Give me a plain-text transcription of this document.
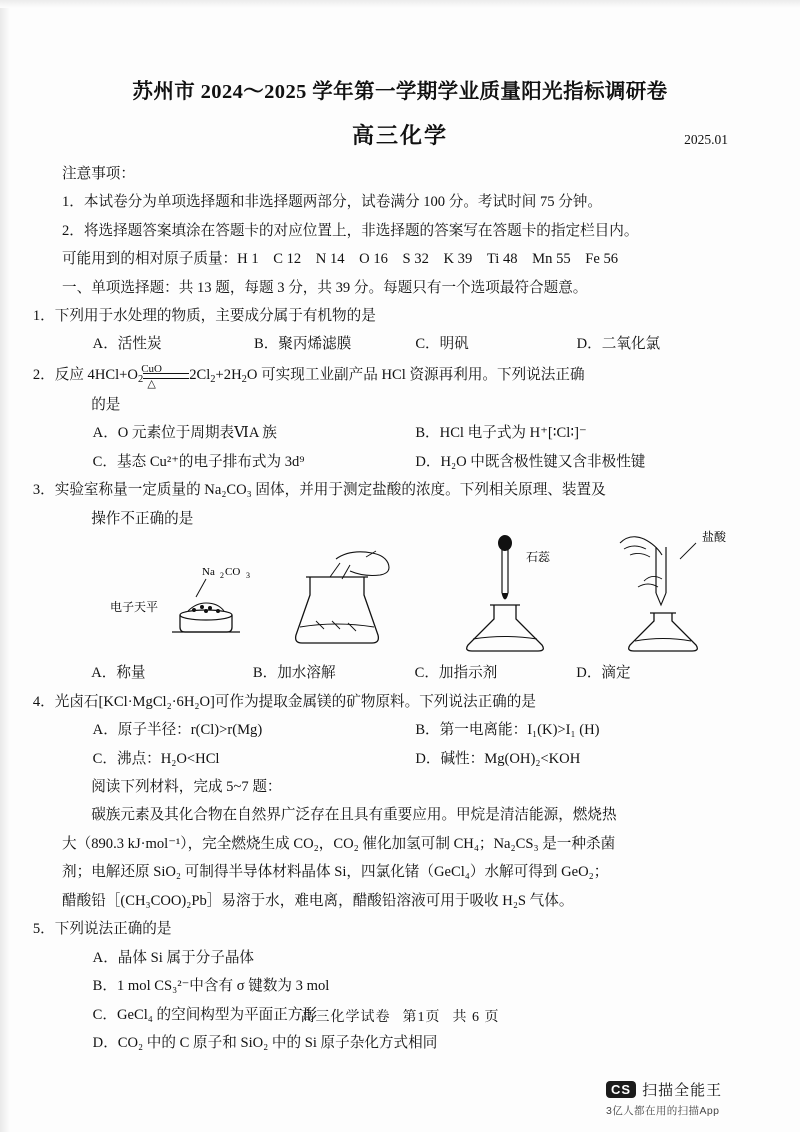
苏州市 2024～2025 学年第一学期学业质量阳光指标调研卷
高三化学	2025.01

注意事项：

1．本试卷分为单项选择题和非选择题两部分，试卷满分 100 分。考试时间 75 分钟。

2．将选择题答案填涂在答题卡的对应位置上，非选择题的答案写在答题卡的指定栏目内。

可能用到的相对原子质量：H 1　C 12　N 14　O 16　S 32　K 39　Ti 48　Mn 55　Fe 56

一、单项选择题：共 13 题，每题 3 分，共 39 分。每题只有一个选项最符合题意。

1．下列用于水处理的物质，主要成分属于有机物的是

A．活性炭	B．聚丙烯滤膜	C．明矾	D．二氧化氯

2．反应 $4HCl+O_2$
CuO
△
$2Cl_2+2H_2O$ 可实现工业副产品 HCl 资源再利用。下列说法正确

的是

A．O 元素位于周期表ⅥA 族	B．HCl 电子式为 H⁺[∶Cl∶]⁻
C．基态 Cu²⁺的电子排布式为 3d⁹	D．H₂O 中既含极性键又含非极性键

3．实验室称量一定质量的 Na₂CO₃ 固体，并用于测定盐酸的浓度。下列相关原理、装置及

操作不正确的是

电子天平
Na 2 CO 3
石蕊
盐酸
A．称量	B．加水溶解	C．加指示剂	D．滴定

4．光卤石[KCl·MgCl₂·6H₂O]可作为提取金属镁的矿物原料。下列说法正确的是

A．原子半径：r(Cl)>r(Mg)	B．第一电离能：I₁(K)>I₁ (H)
C．沸点：H₂O<HCl	D．碱性：Mg(OH)₂<KOH

阅读下列材料，完成 5~7 题：

碳族元素及其化合物在自然界广泛存在且具有重要应用。甲烷是清洁能源，燃烧热

大（890.3 kJ·mol⁻¹），完全燃烧生成 CO₂，CO₂ 催化加氢可制 CH₄；Na₂CS₃ 是一种杀菌

剂；电解还原 SiO₂ 可制得半导体材料晶体 Si，四氯化锗（GeCl₄）水解可得到 GeO₂；

醋酸铅［(CH₃COO)₂Pb］易溶于水，难电离，醋酸铅溶液可用于吸收 H₂S 气体。

5．下列说法正确的是

A．晶体 Si 属于分子晶体
B．1 mol CS₃²⁻中含有 σ 键数为 3 mol
C．GeCl₄ 的空间构型为平面正方形
D．CO₂ 中的 C 原子和 SiO₂ 中的 Si 原子杂化方式相同
高三化学试卷 第1页 共 6 页
CS 扫描全能王
3亿人都在用的扫描App
